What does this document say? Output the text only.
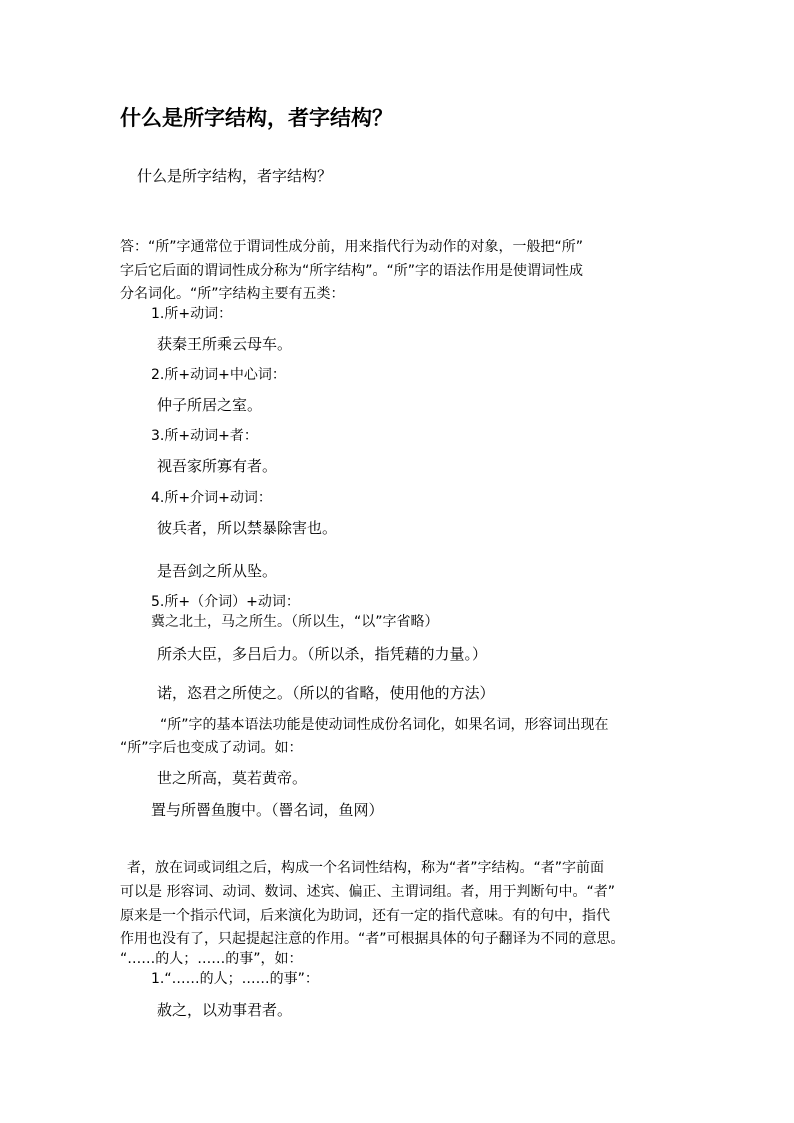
什么是所字结构，者字结构？
什么是所字结构，者字结构？
答：“所”字通常位于谓词性成分前，用来指代行为动作的对象，一般把“所”
字后它后面的谓词性成分称为“所字结构”。“所”字的语法作用是使谓词性成
分名词化。“所”字结构主要有五类：
1.所+动词：
获秦王所乘云母车。
2.所+动词+中心词：
仲子所居之室。
3.所+动词+者：
视吾家所寡有者。
4.所+介词+动词：
彼兵者，所以禁暴除害也。
是吾剑之所从坠。
5.所+（介词）+动词：
冀之北土，马之所生。（所以生，“以”字省略）
所杀大臣，多吕后力。（所以杀，指凭藉的力量。）
诺，恣君之所使之。（所以的省略，使用他的方法）
“所”字的基本语法功能是使动词性成份名词化，如果名词，形容词出现在
“所”字后也变成了动词。如：
世之所高，莫若黄帝。
置与所罾鱼腹中。（罾名词，鱼网）
者，放在词或词组之后，构成一个名词性结构，称为“者”字结构。“者”字前面
可以是 形容词、动词、数词、述宾、偏正、主谓词组。者，用于判断句中。“者”
原来是一个指示代词，后来演化为助词，还有一定的指代意味。有的句中，指代
作用也没有了，只起提起注意的作用。“者”可根据具体的句子翻译为不同的意思。
“……的人；……的事”，如：
1.“……的人；……的事”：
赦之，以劝事君者。
